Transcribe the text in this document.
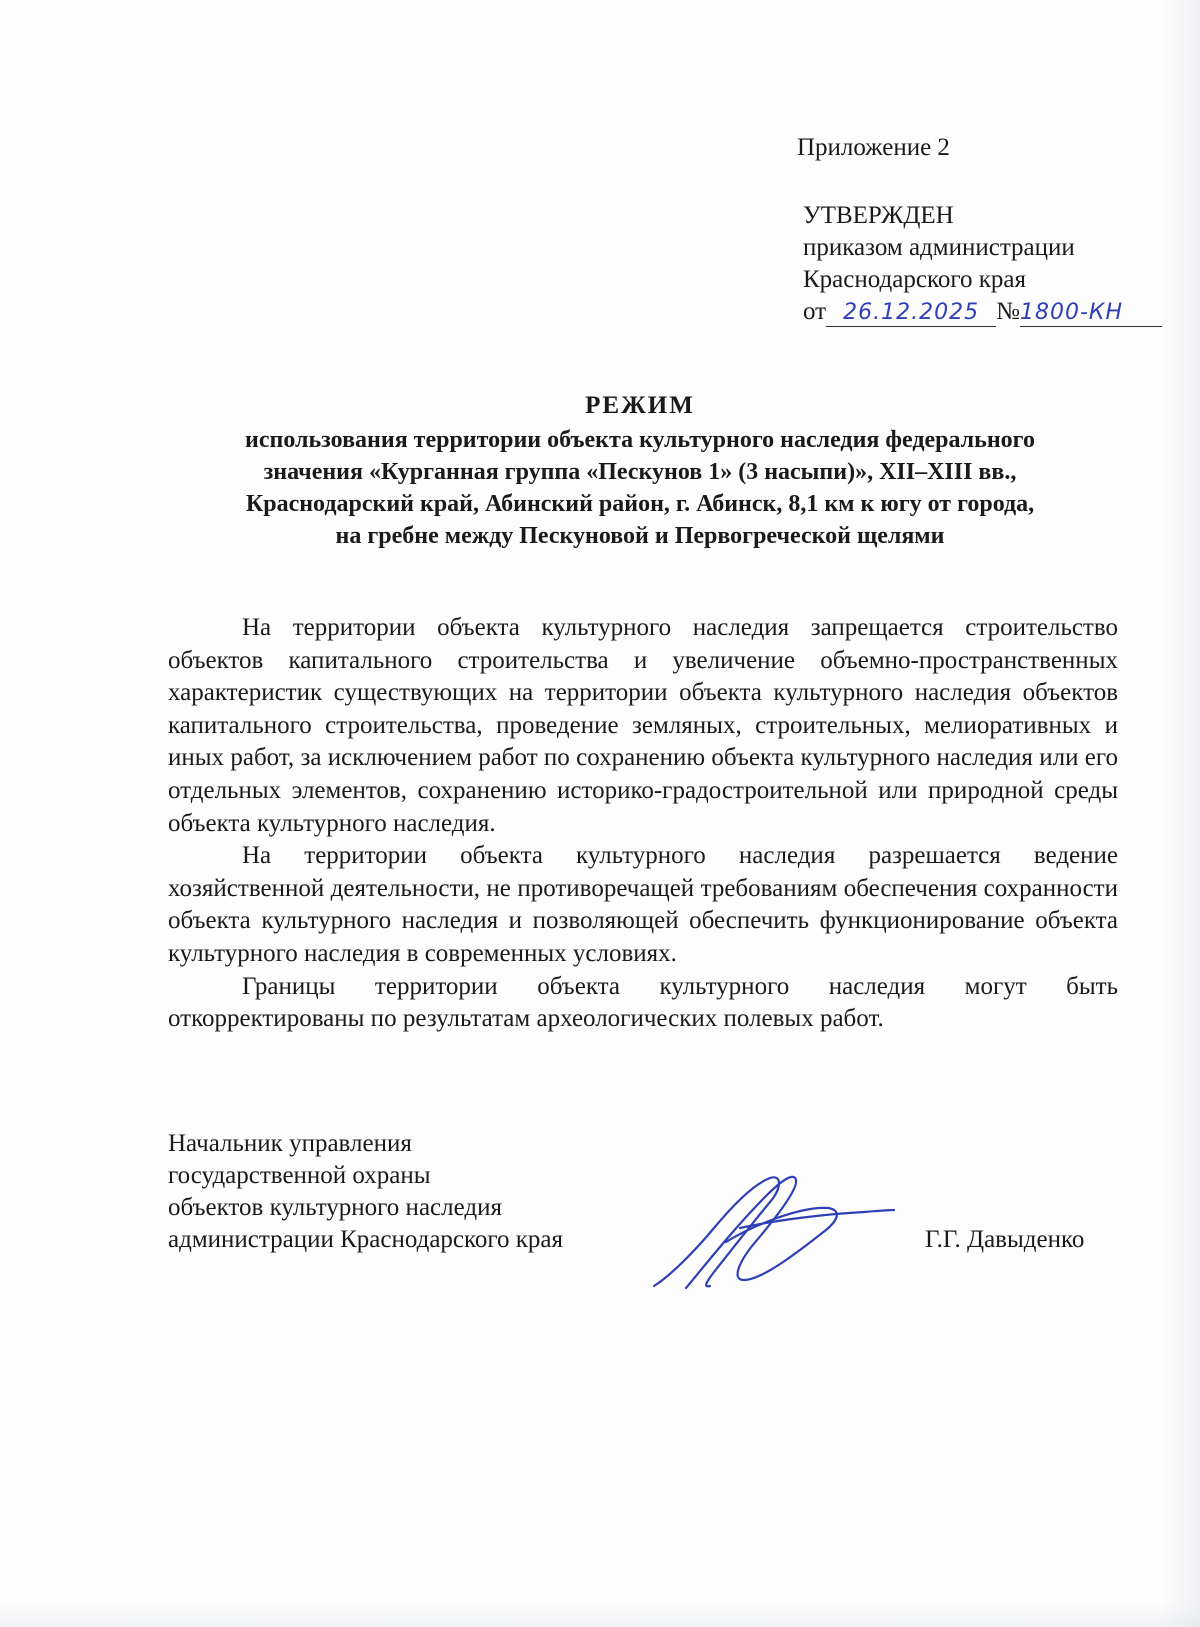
Приложение 2
УТВЕРЖДЕН
приказом администрации
Краснодарского края
от 26.12.2025 №1800-КН
РЕЖИМ
использования территории объекта культурного наследия федерального
значения «Курганная группа «Пескунов 1» (3 насыпи)», XII–XIII вв.,
Краснодарский край, Абинский район, г. Абинск, 8,1 км к югу от города,
на гребне между Пескуновой и Первогреческой щелями

На территории объекта культурного наследия запрещается строительство объектов капитального строительства и увеличение объемно-пространственных характеристик существующих на территории объекта культурного наследия объектов капитального строительства, проведение земляных, строительных, мелиоративных и иных работ, за исключением работ по сохранению объекта культурного наследия или его отдельных элементов, сохранению историко-градостроительной или природной среды объекта культурного наследия.

На территории объекта культурного наследия разрешается ведение хозяйственной деятельности, не противоречащей требованиям обеспечения сохранности объекта культурного наследия и позволяющей обеспечить функционирование объекта культурного наследия в современных условиях.

Границы территории объекта культурного наследия могут быть откорректированы по результатам археологических полевых работ.

Начальник управления
государственной охраны
объектов культурного наследия
администрации Краснодарского края	Г.Г. Давыденко
